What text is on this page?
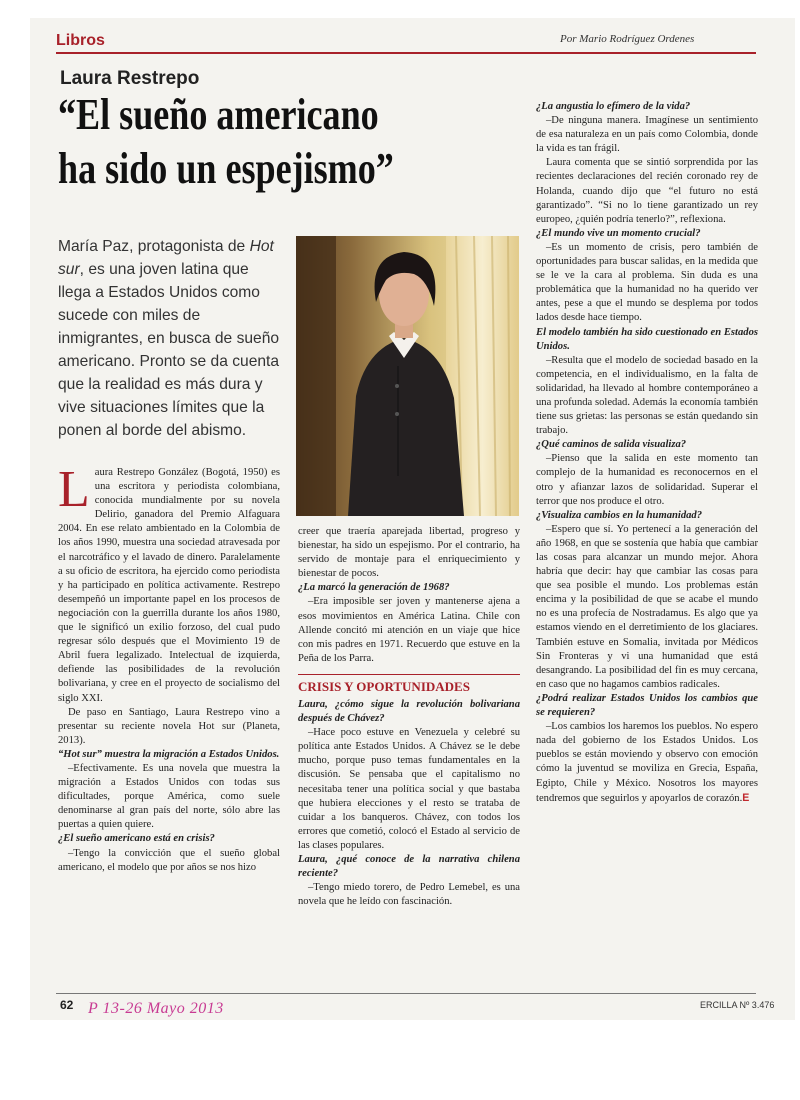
Libros	Por Mario Rodríguez Ordenes
Laura Restrepo
“El sueño americano
ha sido un espejismo”
María Paz, protagonista de Hot sur, es una joven latina que llega a Estados Unidos como sucede con miles de inmigrantes, en busca de sueño americano. Pronto se da cuenta que la realidad es más dura y vive situaciones límites que la ponen al borde del abismo.

Laura Restrepo González (Bogotá, 1950) es una escritora y periodista colombiana, conocida mundialmente por su novela Delirio, ganadora del Premio Alfaguara 2004. En ese relato ambientado en la Colombia de los años 1990, muestra una sociedad atravesada por el narcotráfico y el lavado de dinero. Paralelamente a su oficio de escritora, ha ejercido como periodista y ha participado en política activamente. Restrepo desempeñó un importante papel en los procesos de negociación con la guerrilla durante los años 1980, que le significó un exilio forzoso, del cual pudo regresar sólo después que el Movimiento 19 de Abril fuera legalizado. Intelectual de izquierda, defiende las posibilidades de la revolución bolivariana, y cree en el proyecto de socialismo del siglo XXI.

De paso en Santiago, Laura Restrepo vino a presentar su reciente novela Hot sur (Planeta, 2013).

“Hot sur” muestra la migración a Estados Unidos.

–Efectivamente. Es una novela que muestra la migración a Estados Unidos con todas sus dificultades, porque América, como suele denominarse al gran país del norte, sólo abre las puertas a quien quiere.

¿El sueño americano está en crisis?

–Tengo la convicción que el sueño global americano, el modelo que por años se nos hizo

creer que traería aparejada libertad, progreso y bienestar, ha sido un espejismo. Por el contrario, ha servido de montaje para el enriquecimiento y bienestar de pocos.

¿La marcó la generación de 1968?

–Era imposible ser joven y mantenerse ajena a esos movimientos en América Latina. Chile con Allende concitó mi atención en un viaje que hice con mis padres en 1971. Recuerdo que estuve en la Peña de los Parra.

CRISIS Y OPORTUNIDADES

Laura, ¿cómo sigue la revolución bolivariana después de Chávez?

–Hace poco estuve en Venezuela y celebré su política ante Estados Unidos. A Chávez se le debe mucho, porque puso temas fundamentales en la discusión. Se pensaba que el capitalismo no necesitaba tener una política social y que bastaba que hubiera elecciones y el resto se trataba de cuidar a los banqueros. Chávez, con todos los errores que cometió, colocó el Estado al servicio de las clases populares.

Laura, ¿qué conoce de la narrativa chilena reciente?

–Tengo miedo torero, de Pedro Lemebel, es una novela que he leído con fascinación.

¿La angustia lo efímero de la vida?

–De ninguna manera. Imagínese un sentimiento de esa naturaleza en un país como Colombia, donde la vida es tan frágil.

Laura comenta que se sintió sorprendida por las recientes declaraciones del recién coronado rey de Holanda, cuando dijo que “el futuro no está garantizado”. “Si no lo tiene garantizado un rey europeo, ¿quién podría tenerlo?”, reflexiona.

¿El mundo vive un momento crucial?

–Es un momento de crisis, pero también de oportunidades para buscar salidas, en la medida que se le ve la cara al problema. Sin duda es una problemática que la humanidad no ha querido ver antes, pese a que el mundo se desplema por todos lados desde hace tiempo.

El modelo también ha sido cuestionado en Estados Unidos.

–Resulta que el modelo de sociedad basado en la competencia, en el individualismo, en la falta de solidaridad, ha llevado al hombre contemporáneo a una profunda soledad. Además la economía también tiene sus grietas: las personas se están quedando sin trabajo.

¿Qué caminos de salida visualiza?

–Pienso que la salida en este momento tan complejo de la humanidad es reconocernos en el otro y afianzar lazos de solidaridad. Superar el terror que nos produce el otro.

¿Visualiza cambios en la humanidad?

–Espero que sí. Yo pertenecí a la generación del año 1968, en que se sostenía que había que cambiar las cosas para alcanzar un mundo mejor. Ahora habría que decir: hay que cambiar las cosas para que sea posible el mundo. Los problemas están encima y la posibilidad de que se acabe el mundo no es una profecía de Nostradamus. Es algo que ya estamos viendo en el derretimiento de los glaciares. También estuve en Somalia, invitada por Médicos Sin Fronteras y vi una humanidad que está desangrando. La posibilidad del fin es muy cercana, en caso que no hagamos cambios radicales.

¿Podrá realizar Estados Unidos los cambios que se requieren?

–Los cambios los haremos los pueblos. No espero nada del gobierno de los Estados Unidos. Los pueblos se están moviendo y observo con emoción cómo la juventud se moviliza en Grecia, España, Egipto, Chile y México. Nosotros los mayores tendremos que seguirlos y apoyarlos de corazón.E

62 P 13-26 Mayo 2013	ERCILLA Nº 3.476
